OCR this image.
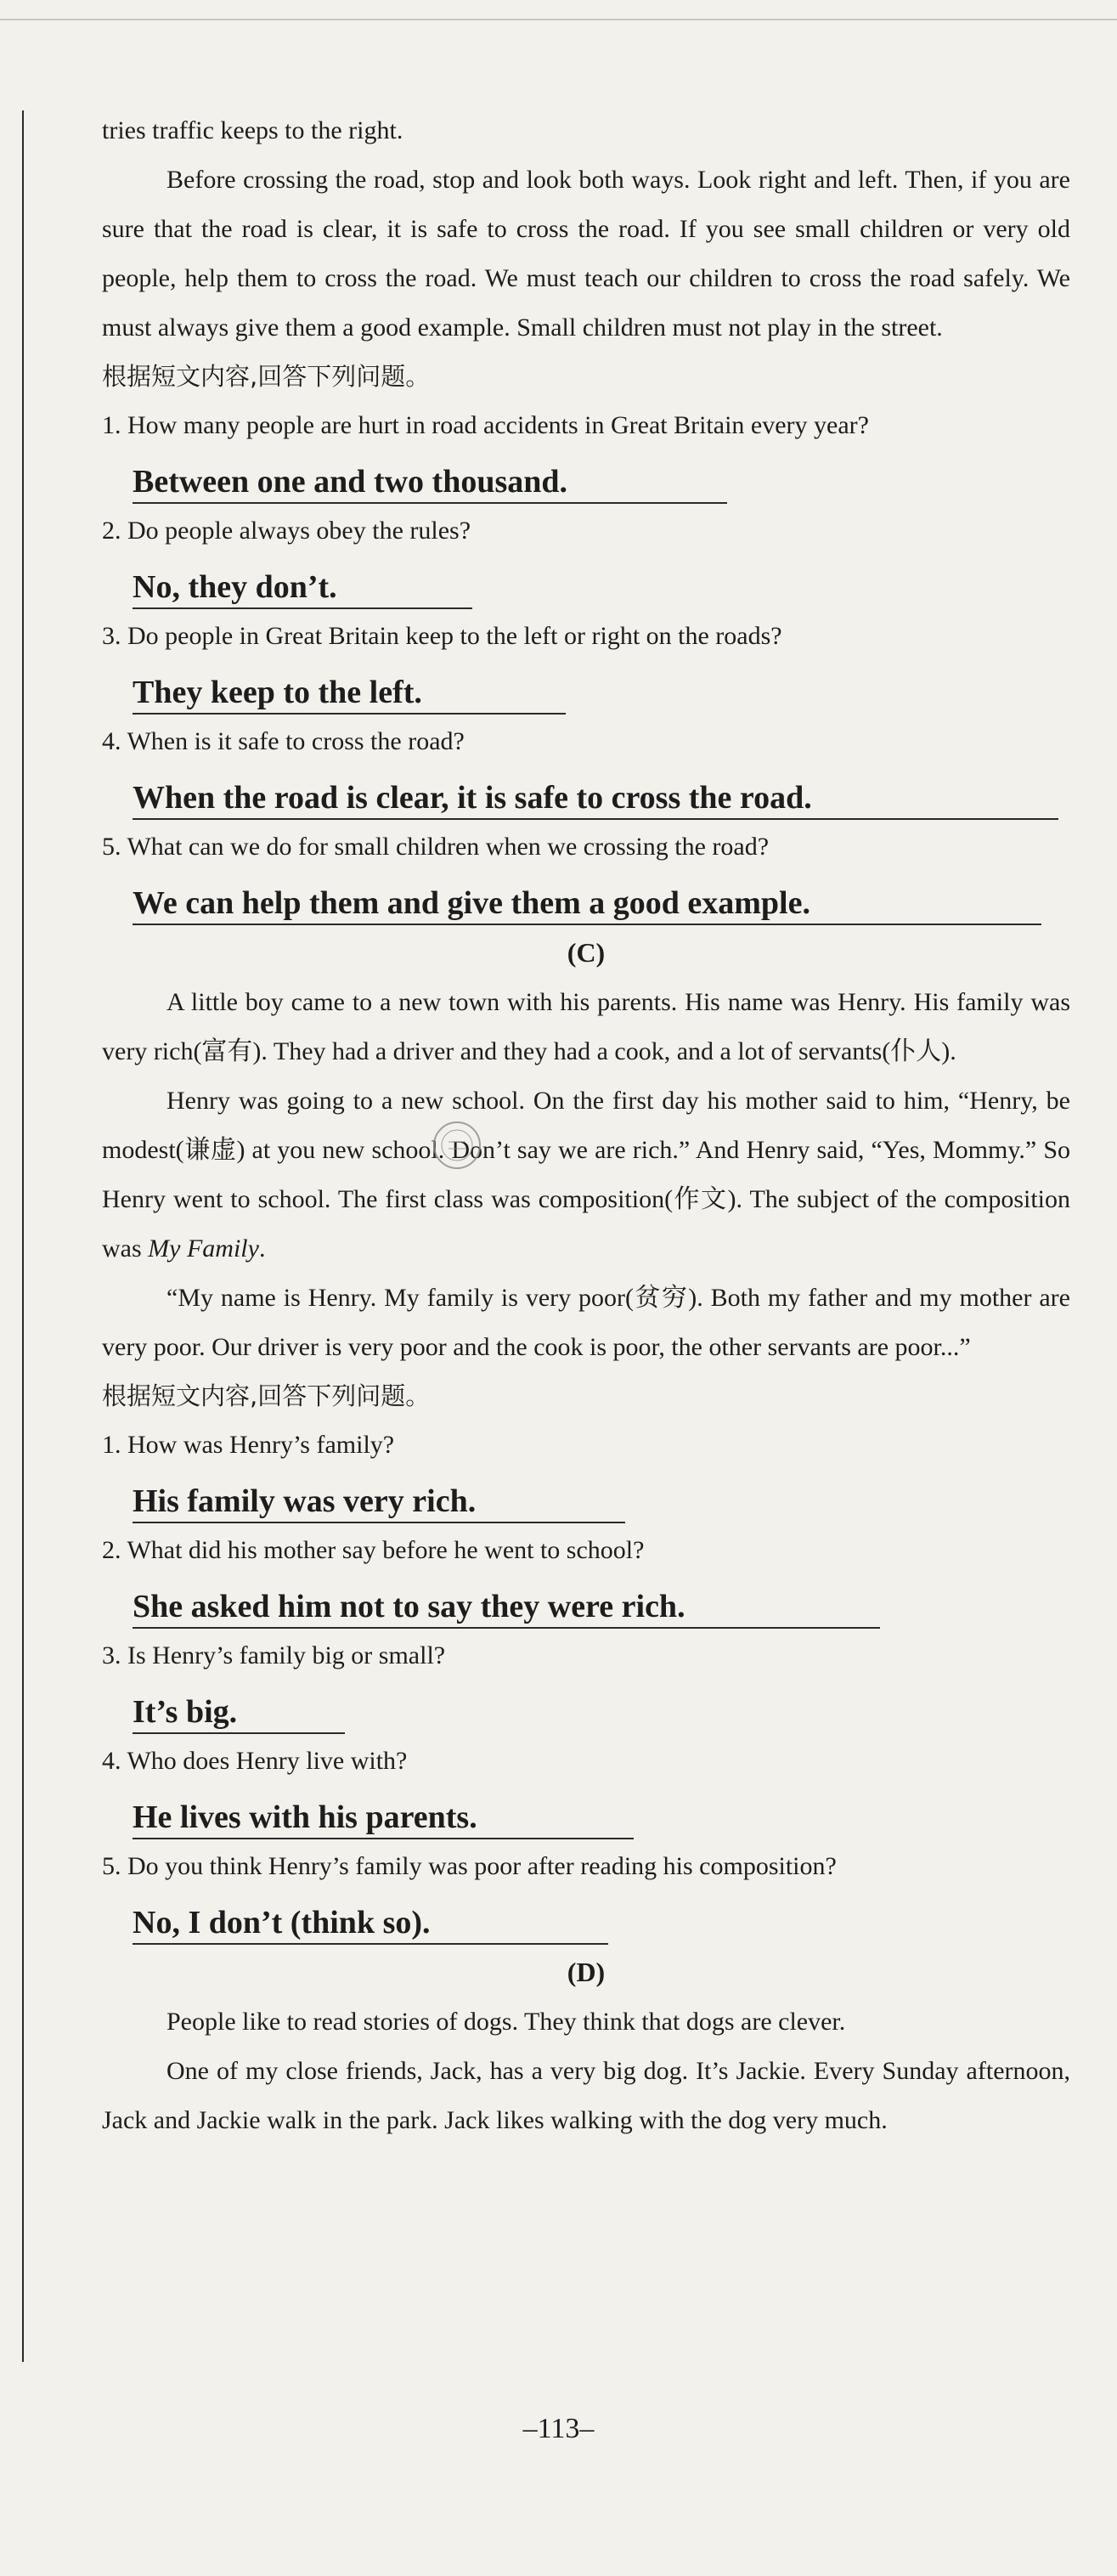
tries traffic keeps to the right.

Before crossing the road, stop and look both ways. Look right and left. Then, if you are sure that the road is clear, it is safe to cross the road. If you see small children or very old people, help them to cross the road. We must teach our children to cross the road safely. We must always give them a good example. Small children must not play in the street.

根据短文内容,回答下列问题。

1. How many people are hurt in road accidents in Great Britain every year?

Between one and two thousand.

2. Do people always obey the rules?

No, they don’t.

3. Do people in Great Britain keep to the left or right on the roads?

They keep to the left.

4. When is it safe to cross the road?

When the road is clear, it is safe to cross the road.

5. What can we do for small children when we crossing the road?

We can help them and give them a good example.

(C)

A little boy came to a new town with his parents. His name was Henry. His family was very rich(富有). They had a driver and they had a cook, and a lot of servants(仆人).

Henry was going to a new school. On the first day his mother said to him, “Henry, be modest(谦虚) at you new school. Don’t say we are rich.” And Henry said, “Yes, Mommy.” So Henry went to school. The first class was composition(作文). The subject of the composition was My Family.

“My name is Henry. My family is very poor(贫穷). Both my father and my mother are very poor. Our driver is very poor and the cook is poor, the other servants are poor...”

根据短文内容,回答下列问题。

1. How was Henry’s family?

His family was very rich.

2. What did his mother say before he went to school?

She asked him not to say they were rich.

3. Is Henry’s family big or small?

It’s big.

4. Who does Henry live with?

He lives with his parents.

5. Do you think Henry’s family was poor after reading his composition?

No, I don’t (think so).

(D)

People like to read stories of dogs. They think that dogs are clever.

One of my close friends, Jack, has a very big dog. It’s Jackie. Every Sunday afternoon, Jack and Jackie walk in the park. Jack likes walking with the dog very much.

–113–
